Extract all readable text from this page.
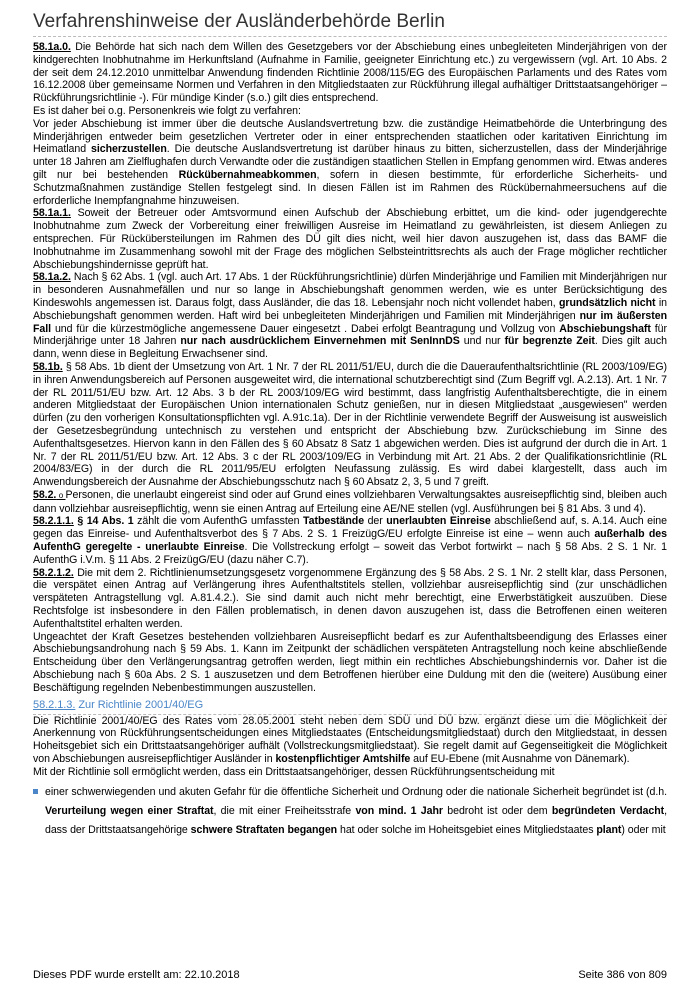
Verfahrenshinweise der Ausländerbehörde Berlin

58.1a.0. Die Behörde hat sich nach dem Willen des Gesetzgebers vor der Abschiebung eines unbegleiteten Minderjährigen von der kindgerechten Inobhutnahme im Herkunftsland (Aufnahme in Familie, geeigneter Einrichtung etc.) zu vergewissern (vgl. Art. 10 Abs. 2 der seit dem 24.12.2010 unmittelbar Anwendung findenden Richtlinie 2008/115/EG des Europäischen Parlaments und des Rates vom 16.12.2008 über gemeinsame Normen und Verfahren in den Mitgliedstaaten zur Rückführung illegal aufhältiger Drittstaatsangehöriger – Rückführungsrichtlinie -). Für mündige Kinder (s.o.) gilt dies entsprechend.

Es ist daher bei o.g. Personenkreis wie folgt zu verfahren:

Vor jeder Abschiebung ist immer über die deutsche Auslandsvertretung bzw. die zuständige Heimatbehörde die Unterbringung des Minderjährigen entweder beim gesetzlichen Vertreter oder in einer entsprechenden staatlichen oder karitativen Einrichtung im Heimatland sicherzustellen. Die deutsche Auslandsvertretung ist darüber hinaus zu bitten, sicherzustellen, dass der Minderjährige unter 18 Jahren am Zielflughafen durch Verwandte oder die zuständigen staatlichen Stellen in Empfang genommen wird. Etwas anderes gilt nur bei bestehenden Rückübernahmeabkommen, sofern in diesen bestimmte, für erforderliche Sicherheits- und Schutzmaßnahmen zuständige Stellen festgelegt sind. In diesen Fällen ist im Rahmen des Rückübernahmeersuchens auf die erforderliche Inempfangnahme hinzuweisen.

58.1a.1. Soweit der Betreuer oder Amtsvormund einen Aufschub der Abschiebung erbittet, um die kind- oder jugendgerechte Inobhutnahme zum Zweck der Vorbereitung einer freiwilligen Ausreise im Heimatland zu gewährleisten, ist diesem Anliegen zu entsprechen. Für Rückübersteilungen im Rahmen des DÜ gilt dies nicht, weil hier davon auszugehen ist, dass das BAMF die Inobhutnahme im Zusammenhang sowohl mit der Frage des möglichen Selbsteintrittsrechts als auch der Frage möglicher rechtlicher Abschiebungshindernisse geprüft hat.

58.1a.2. Nach § 62 Abs. 1 (vgl. auch Art. 17 Abs. 1 der Rückführungsrichtlinie) dürfen Minderjährige und Familien mit Minderjährigen nur in besonderen Ausnahmefällen und nur so lange in Abschiebungshaft genommen werden, wie es unter Berücksichtigung des Kindeswohls angemessen ist. Daraus folgt, dass Ausländer, die das 18. Lebensjahr noch nicht vollendet haben, grundsätzlich nicht in Abschiebungshaft genommen werden. Haft wird bei unbegleiteten Minderjährigen und Familien mit Minderjährigen nur im äußersten Fall und für die kürzestmögliche angemessene Dauer eingesetzt . Dabei erfolgt Beantragung und Vollzug von Abschiebungshaft für Minderjährige unter 18 Jahren nur nach ausdrücklichem Einvernehmen mit SenInnDS und nur für begrenzte Zeit. Dies gilt auch dann, wenn diese in Begleitung Erwachsener sind.

58.1b. § 58 Abs. 1b dient der Umsetzung von Art. 1 Nr. 7 der RL 2011/51/EU, durch die die Daueraufenthaltsrichtlinie (RL 2003/109/EG) in ihren Anwendungsbereich auf Personen ausgeweitet wird, die international schutzberechtigt sind (Zum Begriff vgl. A.2.13). Art. 1 Nr. 7 der RL 2011/51/EU bzw. Art. 12 Abs. 3 b der RL 2003/109/EG wird bestimmt, dass langfristig Aufenthaltsberechtigte, die in einem anderen Mitgliedstaat der Europäischen Union internationalen Schutz genießen, nur in diesen Mitgliedstaat „ausgewiesen" werden dürfen (zu den vorherigen Konsultationspflichten vgl. A.91c.1a). Der in der Richtlinie verwendete Begriff der Ausweisung ist ausweislich der Gesetzesbegründung untechnisch zu verstehen und entspricht der Abschiebung bzw. Zurückschiebung im Sinne des Aufenthaltsgesetzes. Hiervon kann in den Fällen des § 60 Absatz 8 Satz 1 abgewichen werden. Dies ist aufgrund der durch die in Art. 1 Nr. 7 der RL 2011/51/EU bzw. Art. 12 Abs. 3 c der RL 2003/109/EG in Verbindung mit Art. 21 Abs. 2 der Qualifikationsrichtlinie (RL 2004/83/EG) in der durch die RL 2011/95/EU erfolgten Neufassung zulässig. Es wird dabei klargestellt, dass auch im Anwendungsbereich der Ausnahme der Abschiebungsschutz nach § 60 Absatz 2, 3, 5 und 7 greift.

58.2. o Personen, die unerlaubt eingereist sind oder auf Grund eines vollziehbaren Verwaltungsaktes ausreisepflichtig sind, bleiben auch dann vollziehbar ausreisepflichtig, wenn sie einen Antrag auf Erteilung eine AE/NE stellen (vgl. Ausführungen bei § 81 Abs. 3 und 4).

58.2.1.1. § 14 Abs. 1 zählt die vom AufenthG umfassten Tatbestände der unerlaubten Einreise abschließend auf, s. A.14. Auch eine gegen das Einreise- und Aufenthaltsverbot des § 7 Abs. 2 S. 1 FreizügG/EU erfolgte Einreise ist eine – wenn auch außerhalb des AufenthG geregelte - unerlaubte Einreise. Die Vollstreckung erfolgt – soweit das Verbot fortwirkt – nach § 58 Abs. 2 S. 1 Nr. 1 AufenthG i.V.m. § 11 Abs. 2 FreizügG/EU (dazu näher C.7).

58.2.1.2. Die mit dem 2. Richtlinienumsetzungsgesetz vorgenommene Ergänzung des § 58 Abs. 2 S. 1 Nr. 2 stellt klar, dass Personen, die verspätet einen Antrag auf Verlängerung ihres Aufenthaltstitels stellen, vollziehbar ausreisepflichtig sind (zur unschädlichen verspäteten Antragstellung vgl. A.81.4.2.). Sie sind damit auch nicht mehr berechtigt, eine Erwerbstätigkeit auszuüben. Diese Rechtsfolge ist insbesondere in den Fällen problematisch, in denen davon auszugehen ist, dass die Betroffenen einen weiteren Aufenthaltstitel erhalten werden.

Ungeachtet der Kraft Gesetzes bestehenden vollziehbaren Ausreisepflicht bedarf es zur Aufenthaltsbeendigung des Erlasses einer Abschiebungsandrohung nach § 59 Abs. 1. Kann im Zeitpunkt der schädlichen verspäteten Antragstellung noch keine abschließende Entscheidung über den Verlängerungsantrag getroffen werden, liegt mithin ein rechtliches Abschiebungshindernis vor. Daher ist die Abschiebung nach § 60a Abs. 2 S. 1 auszusetzen und dem Betroffenen hierüber eine Duldung mit den die (weitere) Ausübung einer Beschäftigung regelnden Nebenbestimmungen auszustellen.

58.2.1.3. Zur Richtlinie 2001/40/EG

Die Richtlinie 2001/40/EG des Rates vom 28.05.2001 steht neben dem SDÜ und DÜ bzw. ergänzt diese um die Möglichkeit der Anerkennung von Rückführungsentscheidungen eines Mitgliedstaates (Entscheidungsmitgliedstaat) durch den Mitgliedstaat, in dessen Hoheitsgebiet sich ein Drittstaatsangehöriger aufhält (Vollstreckungsmitgliedstaat). Sie regelt damit auf Gegenseitigkeit die Möglichkeit von Abschiebungen ausreisepflichtiger Ausländer in kostenpflichtiger Amtshilfe auf EU-Ebene (mit Ausnahme von Dänemark).

Mit der Richtlinie soll ermöglicht werden, dass ein Drittstaatsangehöriger, dessen Rückführungsentscheidung mit

einer schwerwiegenden und akuten Gefahr für die öffentliche Sicherheit und Ordnung oder die nationale Sicherheit begründet ist (d.h. Verurteilung wegen einer Straftat, die mit einer Freiheitsstrafe von mind. 1 Jahr bedroht ist oder dem begründeten Verdacht, dass der Drittstaatsangehörige schwere Straftaten begangen hat oder solche im Hoheitsgebiet eines Mitgliedstaates plant) oder mit
Dieses PDF wurde erstellt am: 22.10.2018	Seite 386 von 809
